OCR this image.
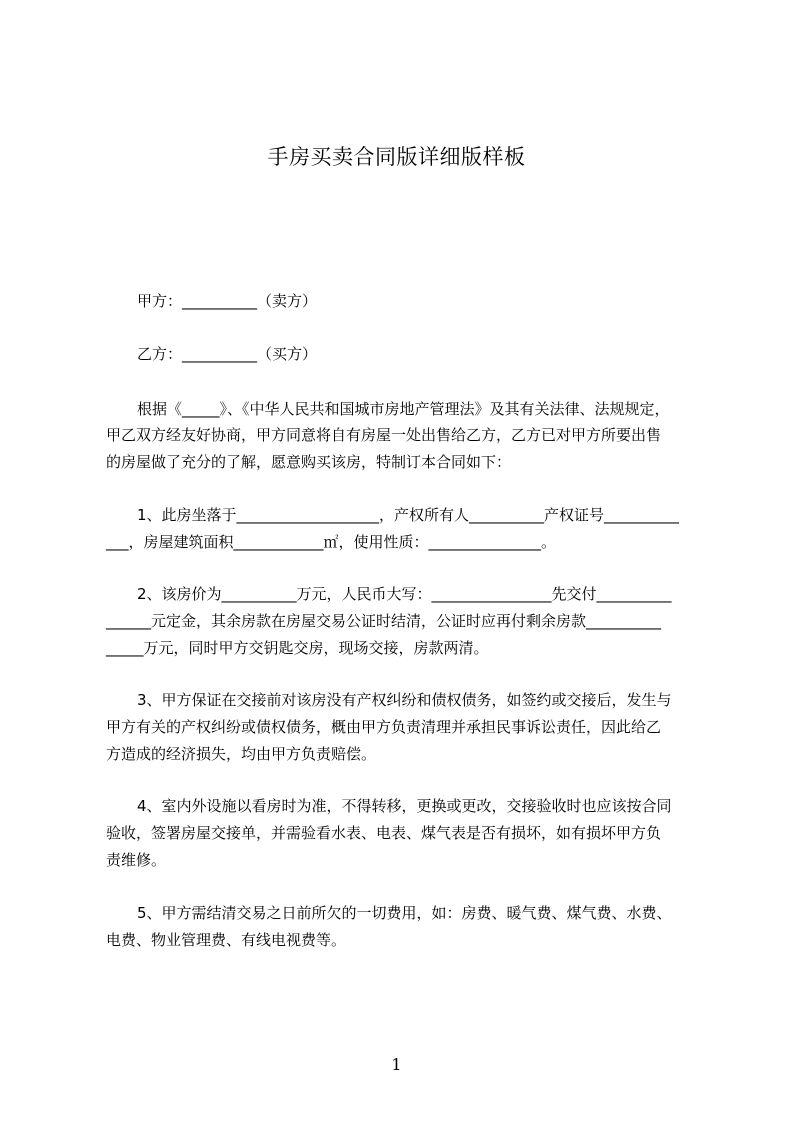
手房买卖合同版详细版样板
甲方：__________（卖方）
乙方：__________（买方）
根据《_____》、《中华人民共和国城市房地产管理法》及其有关法律、法规规定，
甲乙双方经友好协商，甲方同意将自有房屋一处出售给乙方，乙方已对甲方所要出售
的房屋做了充分的了解，愿意购买该房，特制订本合同如下：
1、此房坐落于___________________，产权所有人__________产权证号__________
___，房屋建筑面积____________㎡，使用性质：_______________。
2、该房价为__________万元，人民币大写：________________先交付__________
______元定金，其余房款在房屋交易公证时结清，公证时应再付剩余房款__________
_____万元，同时甲方交钥匙交房，现场交接，房款两清。
3、甲方保证在交接前对该房没有产权纠纷和债权债务，如签约或交接后，发生与
甲方有关的产权纠纷或债权债务，概由甲方负责清理并承担民事诉讼责任，因此给乙
方造成的经济损失，均由甲方负责赔偿。
4、室内外设施以看房时为准，不得转移，更换或更改，交接验收时也应该按合同
验收，签署房屋交接单，并需验看水表、电表、煤气表是否有损坏，如有损坏甲方负
责维修。
5、甲方需结清交易之日前所欠的一切费用，如：房费、暖气费、煤气费、水费、
电费、物业管理费、有线电视费等。
1
